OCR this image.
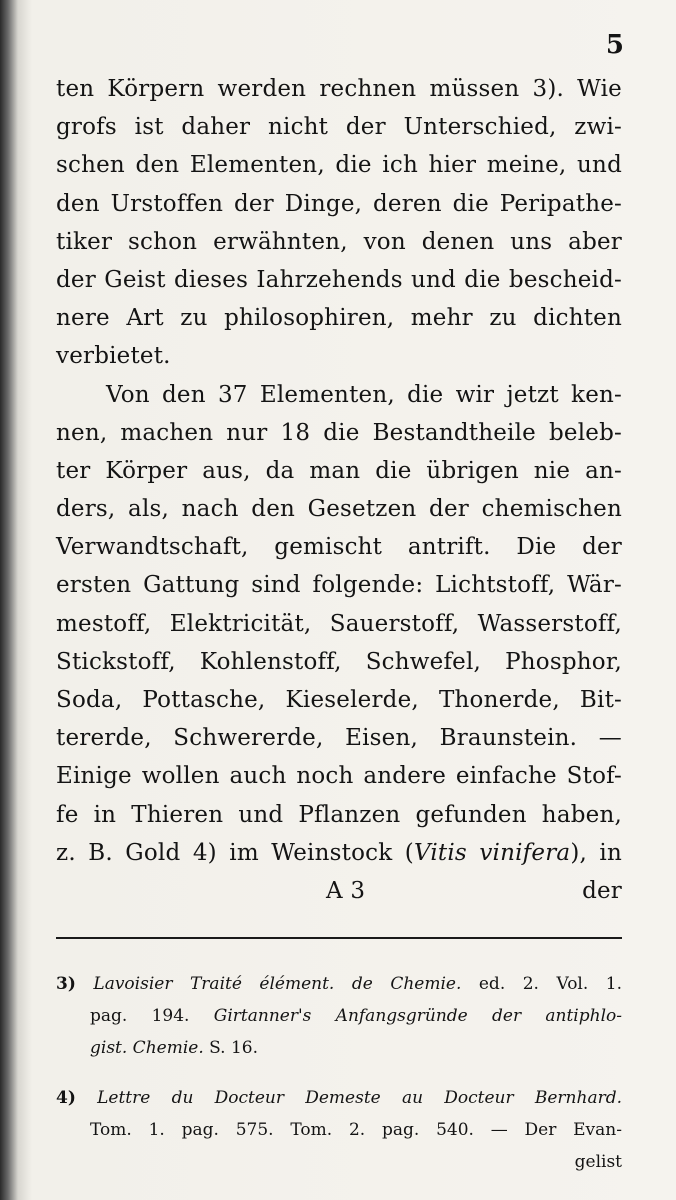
5
ten Körpern werden rechnen müssen 3). Wie
grofs ist daher nicht der Unterschied, zwi-
schen den Elementen, die ich hier meine, und
den Urstoffen der Dinge, deren die Peripathe-
tiker schon erwähnten, von denen uns aber
der Geist dieses Iahrzehends und die bescheid-
nere Art zu philosophiren, mehr zu dichten
verbietet.
Von den 37 Elementen, die wir jetzt ken-
nen, machen nur 18 die Bestandtheile beleb-
ter Körper aus, da man die übrigen nie an-
ders, als, nach den Gesetzen der chemischen
Verwandtschaft, gemischt antrift. Die der
ersten Gattung sind folgende: Lichtstoff, Wär-
mestoff, Elektricität, Sauerstoff, Wasserstoff,
Stickstoff, Kohlenstoff, Schwefel, Phosphor,
Soda, Pottasche, Kieselerde, Thonerde, Bit-
tererde, Schwererde, Eisen, Braunstein. —
Einige wollen auch noch andere einfache Stof-
fe in Thieren und Pflanzen gefunden haben,
z. B. Gold 4) im Weinstock (Vitis vinifera), in
A 3	der
3) Lavoisier Traité élément. de Chemie. ed. 2. Vol. 1.
pag. 194. Girtanner's Anfangsgründe der antiphlo-
gist. Chemie. S. 16.
4) Lettre du Docteur Demeste au Docteur Bernhard.
Tom. 1. pag. 575. Tom. 2. pag. 540. — Der Evan-
gelist
